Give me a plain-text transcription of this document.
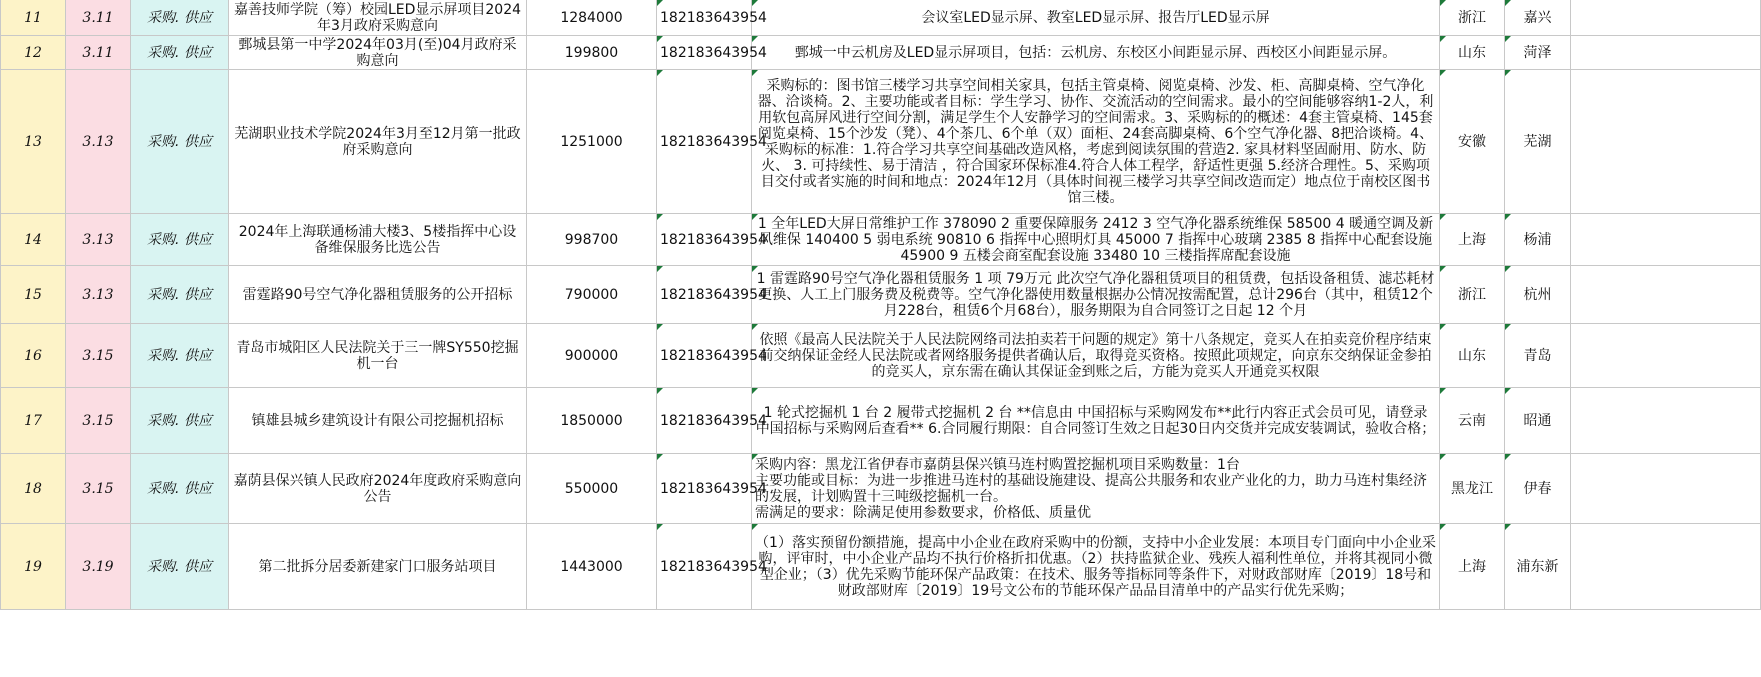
11	3.11	采购. 供应	嘉善技师学院（筹）校园LED显示屏项目2024年3月政府采购意向	1284000	182183643954	会议室LED显示屏、教室LED显示屏、报告厅LED显示屏	浙江	嘉兴	
12	3.11	采购. 供应	鄄城县第一中学2024年03月(至)04月政府采购意向	199800	182183643954	鄄城一中云机房及LED显示屏项目，包括：云机房、东校区小间距显示屏、西校区小间距显示屏。	山东	菏泽	
13	3.13	采购. 供应	芜湖职业技术学院2024年3月至12月第一批政府采购意向	1251000	182183643954	采购标的：图书馆三楼学习共享空间相关家具，包括主管桌椅、阅览桌椅、沙发、柜、高脚桌椅、空气净化器、洽谈椅。2、主要功能或者目标：学生学习、协作、交流活动的空间需求。最小的空间能够容纳1-2人，利用软包高屏风进行空间分割，满足学生个人安静学习的空间需求。3、采购标的的概述：4套主管桌椅、145套阅览桌椅、15个沙发（凳）、4个茶几、6个单（双）面柜、24套高脚桌椅、6个空气净化器、8把洽谈椅。4、采购标的标准：1.符合学习共享空间基础改造风格，考虑到阅读氛围的营造2. 家具材料坚固耐用、防水、防火、 3. 可持续性、易于清洁 ，符合国家环保标准4.符合人体工程学，舒适性更强 5.经济合理性。5、采购项目交付或者实施的时间和地点：2024年12月（具体时间视三楼学习共享空间改造而定）地点位于南校区图书馆三楼。	安徽	芜湖	
14	3.13	采购. 供应	2024年上海联通杨浦大楼3、5楼指挥中心设备维保服务比选公告	998700	182183643954	1 全年LED大屏日常维护工作 378090 2 重要保障服务 2412 3 空气净化器系统维保 58500 4 暖通空调及新风维保 140400 5 弱电系统 90810 6 指挥中心照明灯具 45000 7 指挥中心玻璃 2385 8 指挥中心配套设施 45900 9 五楼会商室配套设施 33480 10 三楼指挥席配套设施	上海	杨浦	
15	3.13	采购. 供应	雷霆路90号空气净化器租赁服务的公开招标	790000	182183643954	1 雷霆路90号空气净化器租赁服务 1 项 79万元 此次空气净化器租赁项目的租赁费，包括设备租赁、滤芯耗材更换、人工上门服务费及税费等。空气净化器使用数量根据办公情况按需配置，总计296台（其中，租赁12个月228台，租赁6个月68台），服务期限为自合同签订之日起 12 个月	浙江	杭州	
16	3.15	采购. 供应	青岛市城阳区人民法院关于三一牌SY550挖掘机一台	900000	182183643954	依照《最高人民法院关于人民法院网络司法拍卖若干问题的规定》第十八条规定，竞买人在拍卖竞价程序结束前交纳保证金经人民法院或者网络服务提供者确认后，取得竞买资格。按照此项规定，向京东交纳保证金参拍的竞买人，京东需在确认其保证金到账之后，方能为竞买人开通竞买权限	山东	青岛	
17	3.15	采购. 供应	镇雄县城乡建筑设计有限公司挖掘机招标	1850000	182183643954	1 轮式挖掘机 1 台 2 履带式挖掘机 2 台 **信息由 中国招标与采购网发布**此行内容正式会员可见，请登录 中国招标与采购网后查看** 6.合同履行期限：自合同签订生效之日起30日内交货并完成安装调试，验收合格；	云南	昭通	
18	3.15	采购. 供应	嘉荫县保兴镇人民政府2024年度政府采购意向公告	550000	182183643954	采购内容：黑龙江省伊春市嘉荫县保兴镇马连村购置挖掘机项目采购数量：1台
主要功能或目标：为进一步推进马连村的基础设施建设、提高公共服务和农业产业化的力，助力马连村集经济的发展，计划购置十三吨级挖掘机一台。
需满足的要求：除满足使用参数要求，价格低、质量优	黑龙江	伊春	
19	3.19	采购. 供应	第二批拆分居委新建家门口服务站项目	1443000	182183643954	（1）落实预留份额措施，提高中小企业在政府采购中的份额，支持中小企业发展：本项目专门面向中小企业采购，评审时，中小企业产品均不执行价格折扣优惠。（2）扶持监狱企业、残疾人福利性单位，并将其视同小微型企业；（3）优先采购节能环保产品政策：在技术、服务等指标同等条件下，对财政部财库〔2019〕18号和财政部财库〔2019〕19号文公布的节能环保产品品目清单中的产品实行优先采购；	上海	浦东新	
